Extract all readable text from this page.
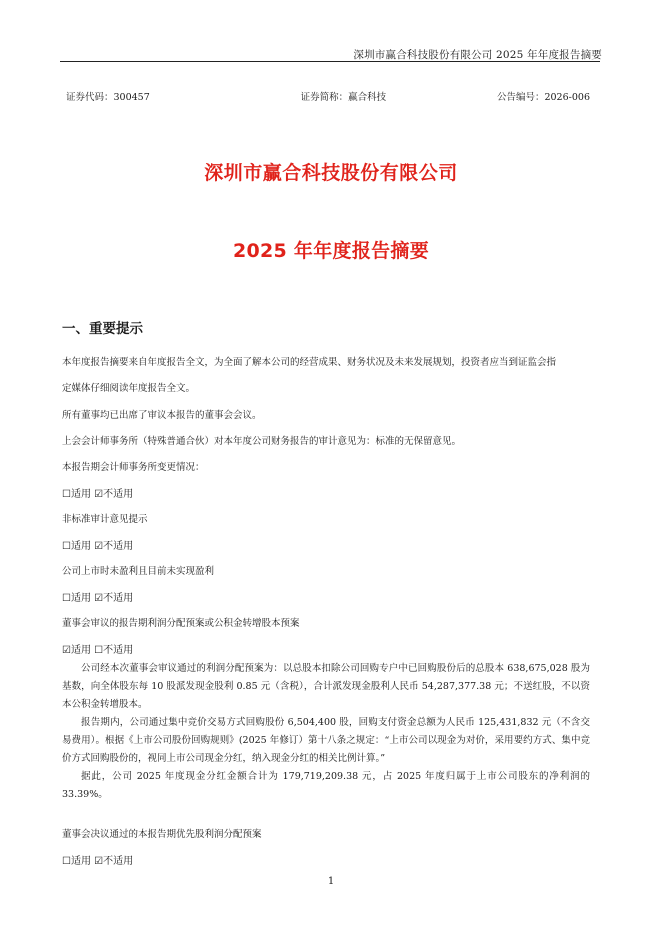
深圳市赢合科技股份有限公司 2025 年年度报告摘要
证券代码：300457	证券简称：赢合科技	公告编号：2026-006
深圳市赢合科技股份有限公司
2025 年年度报告摘要
一、重要提示
本年度报告摘要来自年度报告全文，为全面了解本公司的经营成果、财务状况及未来发展规划，投资者应当到证监会指
定媒体仔细阅读年度报告全文。
所有董事均已出席了审议本报告的董事会会议。
上会会计师事务所（特殊普通合伙）对本年度公司财务报告的审计意见为：标准的无保留意见。
本报告期会计师事务所变更情况：
☐适用 ☑不适用
非标准审计意见提示
☐适用 ☑不适用
公司上市时未盈利且目前未实现盈利
☐适用 ☑不适用
董事会审议的报告期利润分配预案或公积金转增股本预案
☑适用 ☐不适用
公司经本次董事会审议通过的利润分配预案为：以总股本扣除公司回购专户中已回购股份后的总股本 638,675,028 股为基数，向全体股东每 10 股派发现金股利 0.85 元（含税），合计派发现金股利人民币 54,287,377.38 元；不送红股，不以资本公积金转增股本。
报告期内，公司通过集中竞价交易方式回购股份 6,504,400 股，回购支付资金总额为人民币 125,431,832 元（不含交易费用）。根据《上市公司股份回购规则》(2025 年修订）第十八条之规定：“上市公司以现金为对价，采用要约方式、集中竞价方式回购股份的，视同上市公司现金分红，纳入现金分红的相关比例计算。”
据此，公司 2025 年度现金分红金额合计为 179,719,209.38 元，占 2025 年度归属于上市公司股东的净利润的 33.39%。
董事会决议通过的本报告期优先股利润分配预案
☐适用 ☑不适用
1
